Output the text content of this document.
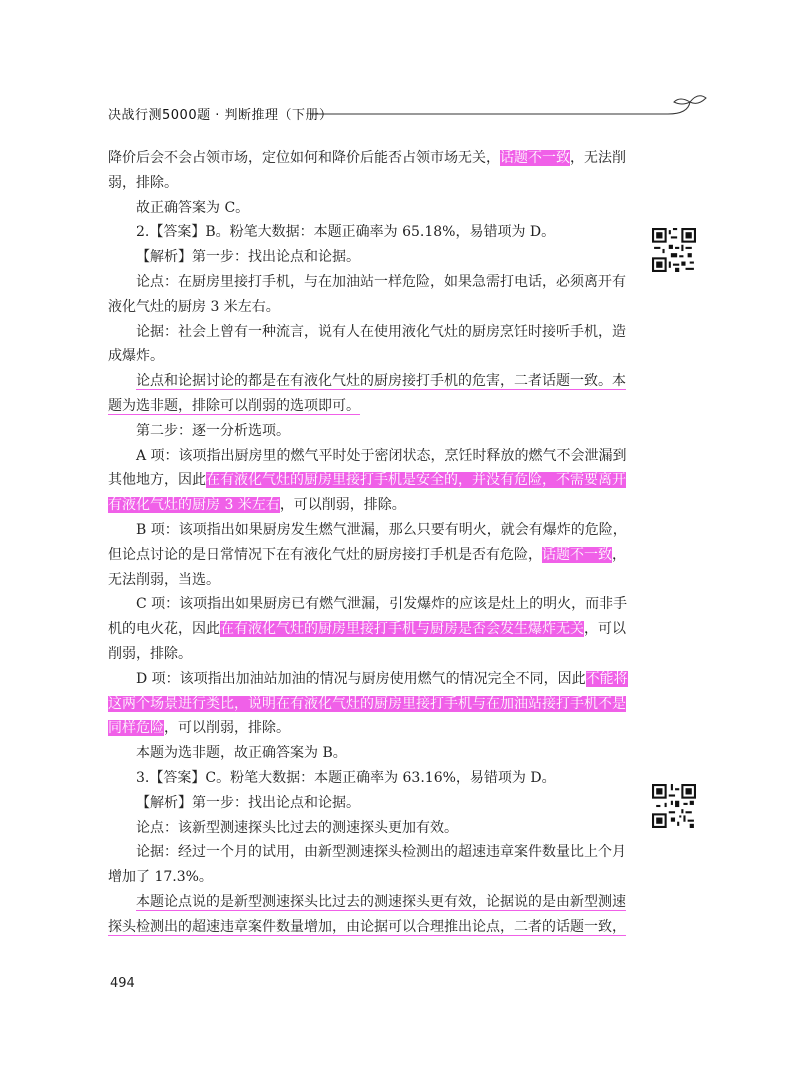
决战行测5000题 · 判断推理（下册）

降价后会不会占领市场，定位如何和降价后能否占领市场无关，话题不一致，无法削弱，排除。

故正确答案为 C。

2.【答案】B。粉笔大数据：本题正确率为 65.18%，易错项为 D。

【解析】第一步：找出论点和论据。

论点：在厨房里接打手机，与在加油站一样危险，如果急需打电话，必须离开有液化气灶的厨房 3 米左右。

论据：社会上曾有一种流言，说有人在使用液化气灶的厨房烹饪时接听手机，造成爆炸。

论点和论据讨论的都是在有液化气灶的厨房接打手机的危害，二者话题一致。本题为选非题，排除可以削弱的选项即可。

第二步：逐一分析选项。

A 项：该项指出厨房里的燃气平时处于密闭状态，烹饪时释放的燃气不会泄漏到其他地方，因此在有液化气灶的厨房里接打手机是安全的，并没有危险，不需要离开有液化气灶的厨房 3 米左右，可以削弱，排除。

B 项：该项指出如果厨房发生燃气泄漏，那么只要有明火，就会有爆炸的危险，但论点讨论的是日常情况下在有液化气灶的厨房接打手机是否有危险，话题不一致，无法削弱，当选。

C 项：该项指出如果厨房已有燃气泄漏，引发爆炸的应该是灶上的明火，而非手机的电火花，因此在有液化气灶的厨房里接打手机与厨房是否会发生爆炸无关，可以削弱，排除。

D 项：该项指出加油站加油的情况与厨房使用燃气的情况完全不同，因此不能将这两个场景进行类比，说明在有液化气灶的厨房里接打手机与在加油站接打手机不是同样危险，可以削弱，排除。

本题为选非题，故正确答案为 B。

3.【答案】C。粉笔大数据：本题正确率为 63.16%，易错项为 D。

【解析】第一步：找出论点和论据。

论点：该新型测速探头比过去的测速探头更加有效。

论据：经过一个月的试用，由新型测速探头检测出的超速违章案件数量比上个月增加了 17.3%。

本题论点说的是新型测速探头比过去的测速探头更有效，论据说的是由新型测速探头检测出的超速违章案件数量增加，由论据可以合理推出论点，二者的话题一致，

494
